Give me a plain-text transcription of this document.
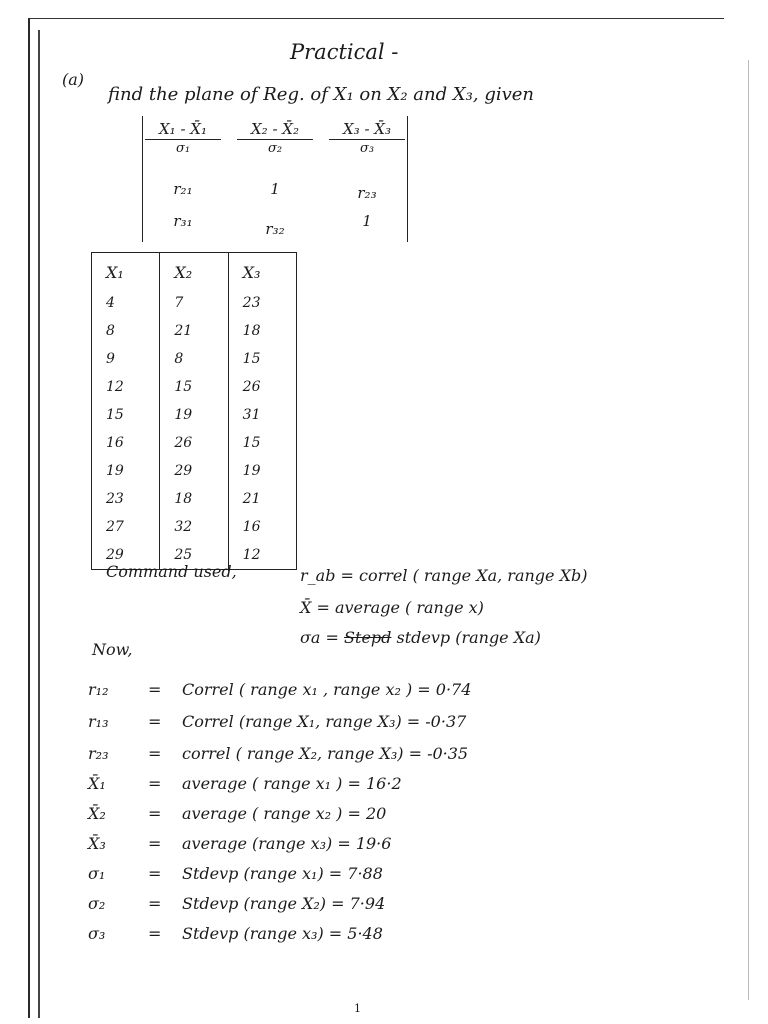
Practical -
(a)
find the plane of Reg. of X₁ on X₂ and X₃, given
$\frac{\text{X₁ - X̄₁}}{\text{σ₁}} \frac{\text{X₂ - X̄₂}}{\text{σ₂}} \frac{\text{X₃ - X̄₃}}{\text{σ₃}}$
r₂₁	1	r₂₃
r₃₁	r₃₂	1
X₁	X₂	X₃
4	7	23
8	21	18
9	8	15
12	15	26
15	19	31
16	26	15
19	29	19
23	18	21
27	32	16
29	25	12
Command used,	r_ab = correl ( range Xa, range Xb)
X̄ = average ( range x)
σa = Stepd stdevp (range Xa)
Now,
r₁₂	= Correl ( range x₁ , range x₂ ) = 0·74
r₁₃	= Correl (range X₁, range X₃) = -0·37
r₂₃	= correl ( range X₂, range X₃) = -0·35
X̄₁	= average ( range x₁ ) = 16·2
X̄₂	= average ( range x₂ ) = 20
X̄₃	= average (range x₃) = 19·6
σ₁	= Stdevp (range x₁) = 7·88
σ₂	= Stdevp (range X₂) = 7·94
σ₃	= Stdevp (range x₃) = 5·48
1
